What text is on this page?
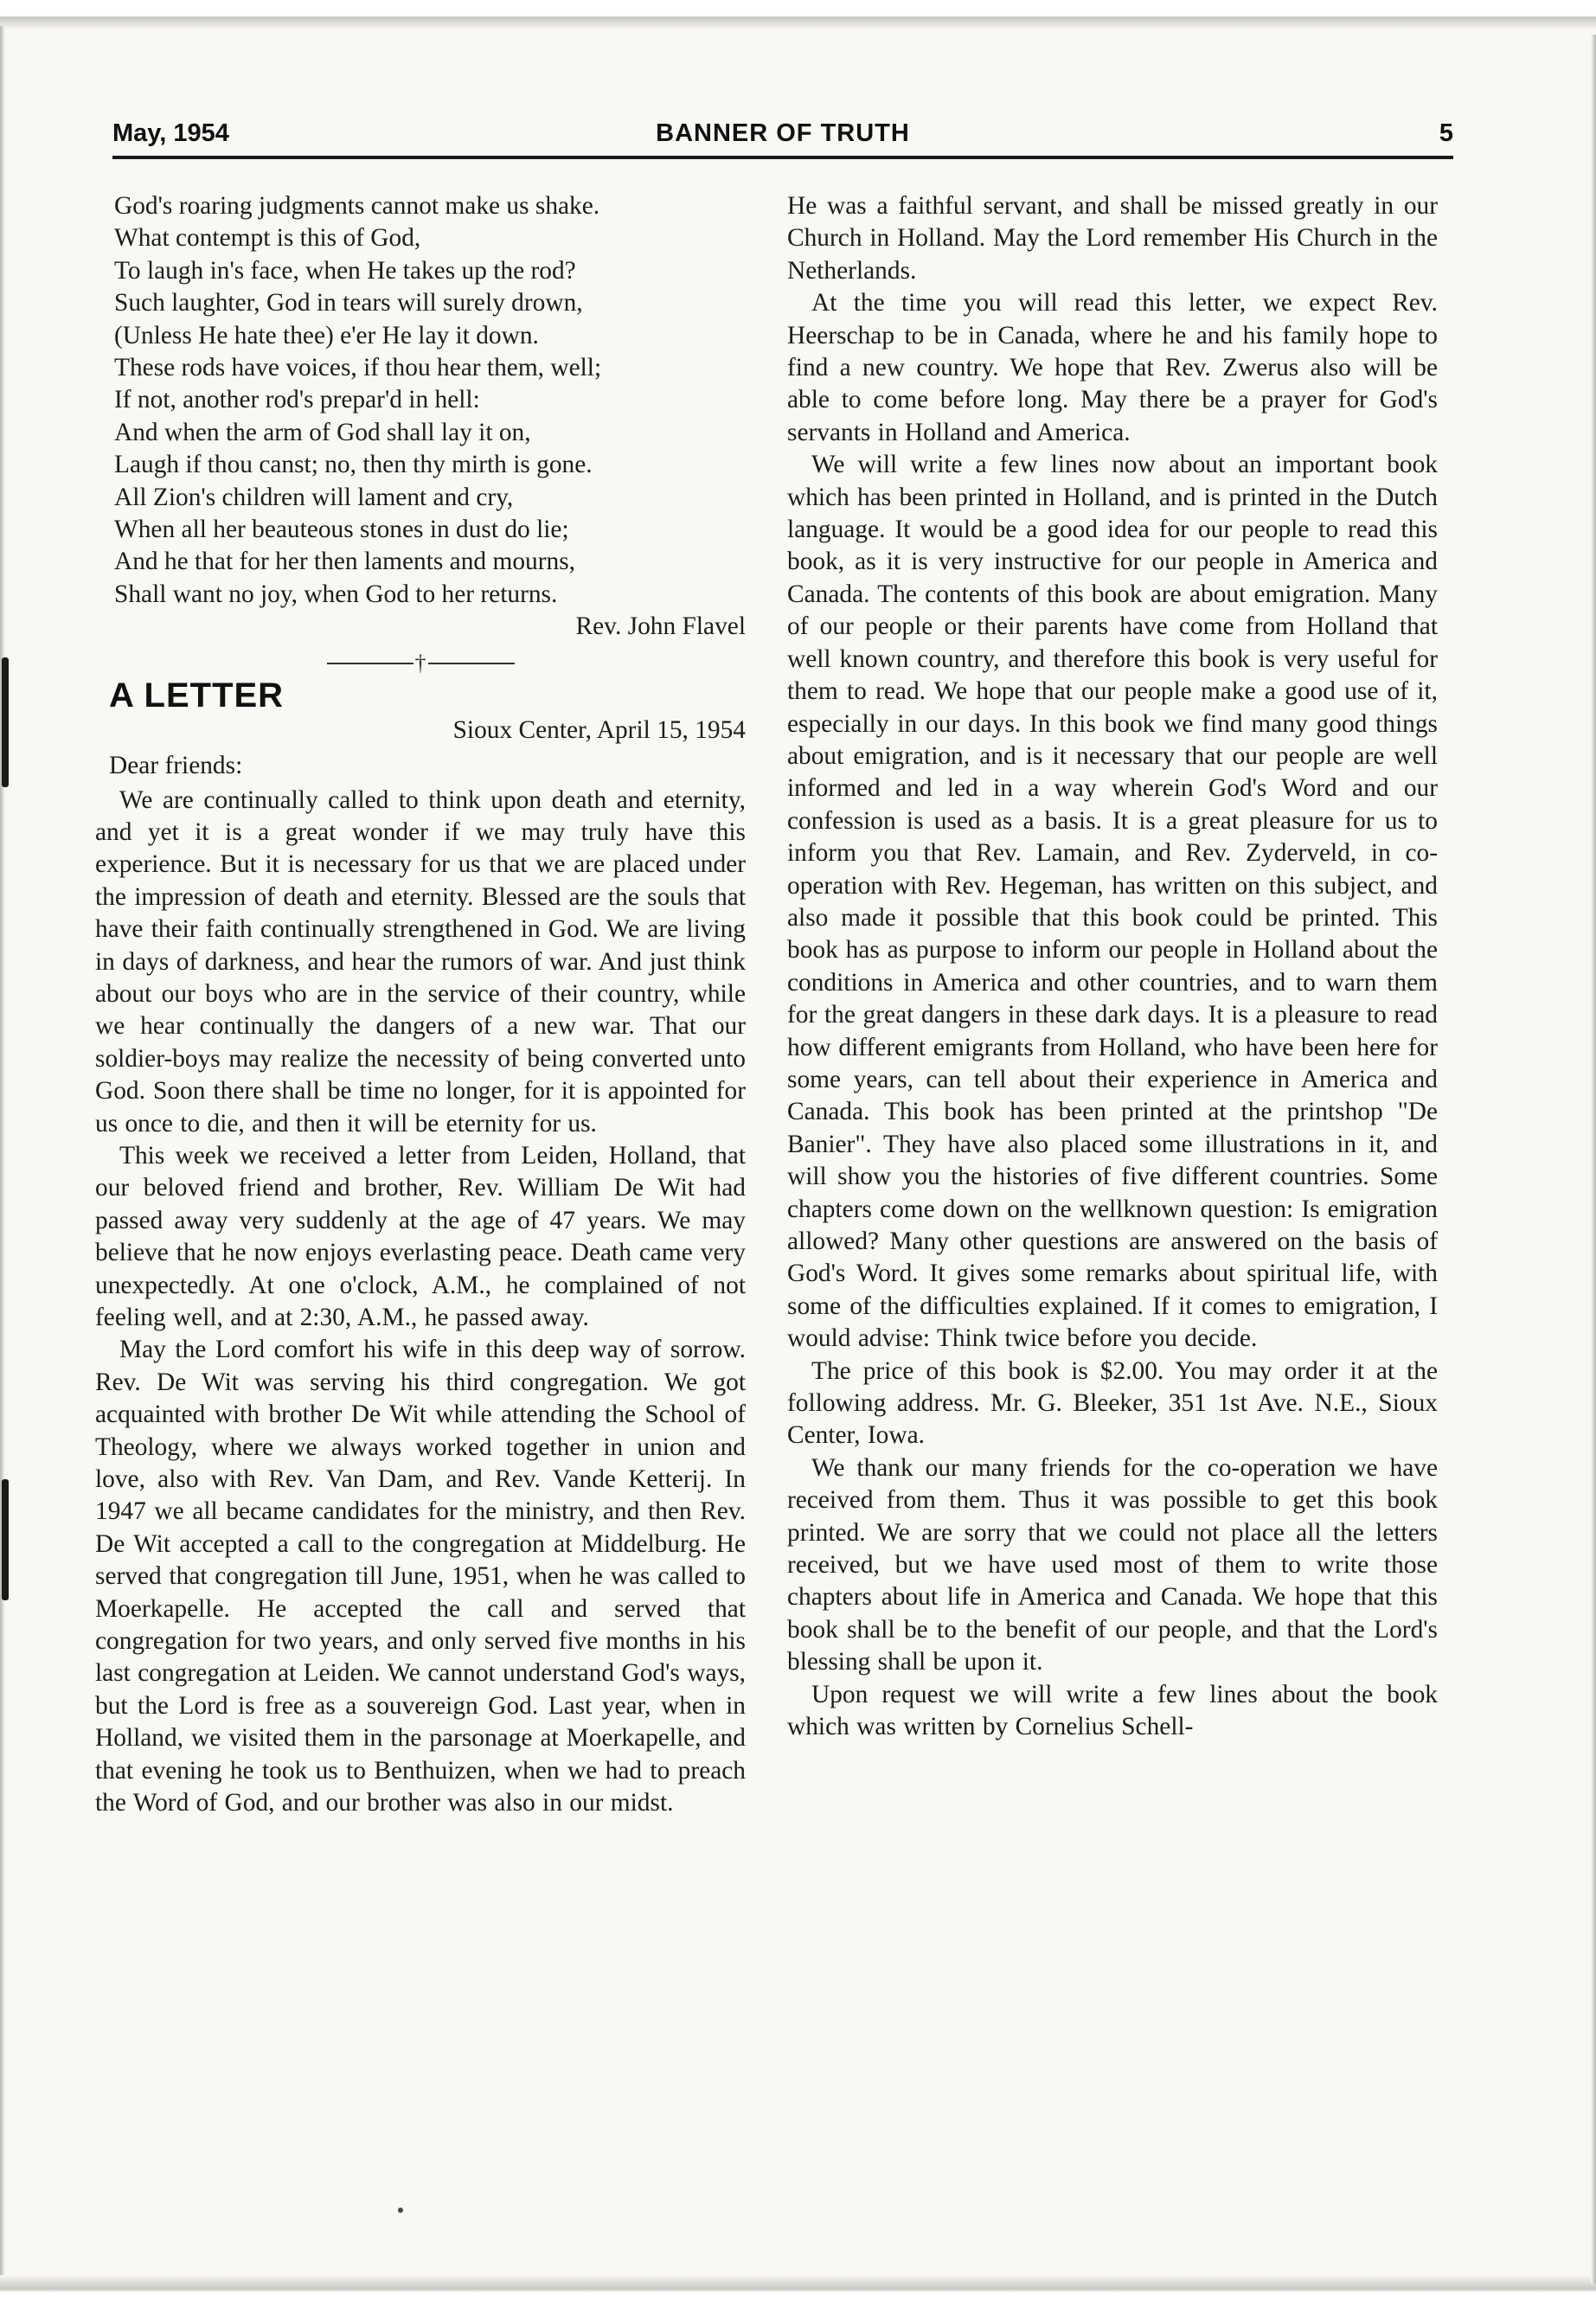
May, 1954	BANNER OF TRUTH	5
God's roaring judgments cannot make us shake.
What contempt is this of God,
To laugh in's face, when He takes up the rod?
Such laughter, God in tears will surely drown,
(Unless He hate thee) e'er He lay it down.
These rods have voices, if thou hear them, well;
If not, another rod's prepar'd in hell:
And when the arm of God shall lay it on,
Laugh if thou canst; no, then thy mirth is gone.
All Zion's children will lament and cry,
When all her beauteous stones in dust do lie;
And he that for her then laments and mourns,
Shall want no joy, when God to her returns.
Rev. John Flavel
†
A LETTER
Sioux Center, April 15, 1954
Dear friends:

We are continually called to think upon death and eternity, and yet it is a great wonder if we may truly have this experience. But it is necessary for us that we are placed under the impression of death and eternity. Blessed are the souls that have their faith continually strengthened in God. We are living in days of darkness, and hear the rumors of war. And just think about our boys who are in the service of their country, while we hear continually the dangers of a new war. That our soldier-boys may realize the necessity of being converted unto God. Soon there shall be time no longer, for it is appointed for us once to die, and then it will be eternity for us.

This week we received a letter from Leiden, Holland, that our beloved friend and brother, Rev. William De Wit had passed away very suddenly at the age of 47 years. We may believe that he now enjoys everlasting peace. Death came very unexpectedly. At one o'clock, A.M., he complained of not feeling well, and at 2:30, A.M., he passed away.

May the Lord comfort his wife in this deep way of sorrow. Rev. De Wit was serving his third congregation. We got acquainted with brother De Wit while attending the School of Theology, where we always worked together in union and love, also with Rev. Van Dam, and Rev. Vande Ketterij. In 1947 we all became candidates for the ministry, and then Rev. De Wit accepted a call to the congregation at Middelburg. He served that congregation till June, 1951, when he was called to Moerkapelle. He accepted the call and served that congregation for two years, and only served five months in his last congregation at Leiden. We cannot understand God's ways, but the Lord is free as a souvereign God. Last year, when in Holland, we visited them in the parsonage at Moerkapelle, and that evening he took us to Benthuizen, when we had to preach the Word of God, and our brother was also in our midst.

He was a faithful servant, and shall be missed greatly in our Church in Holland. May the Lord remember His Church in the Netherlands.

At the time you will read this letter, we expect Rev. Heerschap to be in Canada, where he and his family hope to find a new country. We hope that Rev. Zwerus also will be able to come before long. May there be a prayer for God's servants in Holland and America.

We will write a few lines now about an important book which has been printed in Holland, and is printed in the Dutch language. It would be a good idea for our people to read this book, as it is very instructive for our people in America and Canada. The contents of this book are about emigration. Many of our people or their parents have come from Holland that well known country, and therefore this book is very useful for them to read. We hope that our people make a good use of it, especially in our days. In this book we find many good things about emigration, and is it necessary that our people are well informed and led in a way wherein God's Word and our confession is used as a basis. It is a great pleasure for us to inform you that Rev. Lamain, and Rev. Zyderveld, in co-operation with Rev. Hegeman, has written on this subject, and also made it possible that this book could be printed. This book has as purpose to inform our people in Holland about the conditions in America and other countries, and to warn them for the great dangers in these dark days. It is a pleasure to read how different emigrants from Holland, who have been here for some years, can tell about their experience in America and Canada. This book has been printed at the printshop "De Banier". They have also placed some illustrations in it, and will show you the histories of five different countries. Some chapters come down on the wellknown question: Is emigration allowed? Many other questions are answered on the basis of God's Word. It gives some remarks about spiritual life, with some of the difficulties explained. If it comes to emigration, I would advise: Think twice before you decide.

The price of this book is $2.00. You may order it at the following address. Mr. G. Bleeker, 351 1st Ave. N.E., Sioux Center, Iowa.

We thank our many friends for the co-operation we have received from them. Thus it was possible to get this book printed. We are sorry that we could not place all the letters received, but we have used most of them to write those chapters about life in America and Canada. We hope that this book shall be to the benefit of our people, and that the Lord's blessing shall be upon it.

Upon request we will write a few lines about the book which was written by Cornelius Schell-
